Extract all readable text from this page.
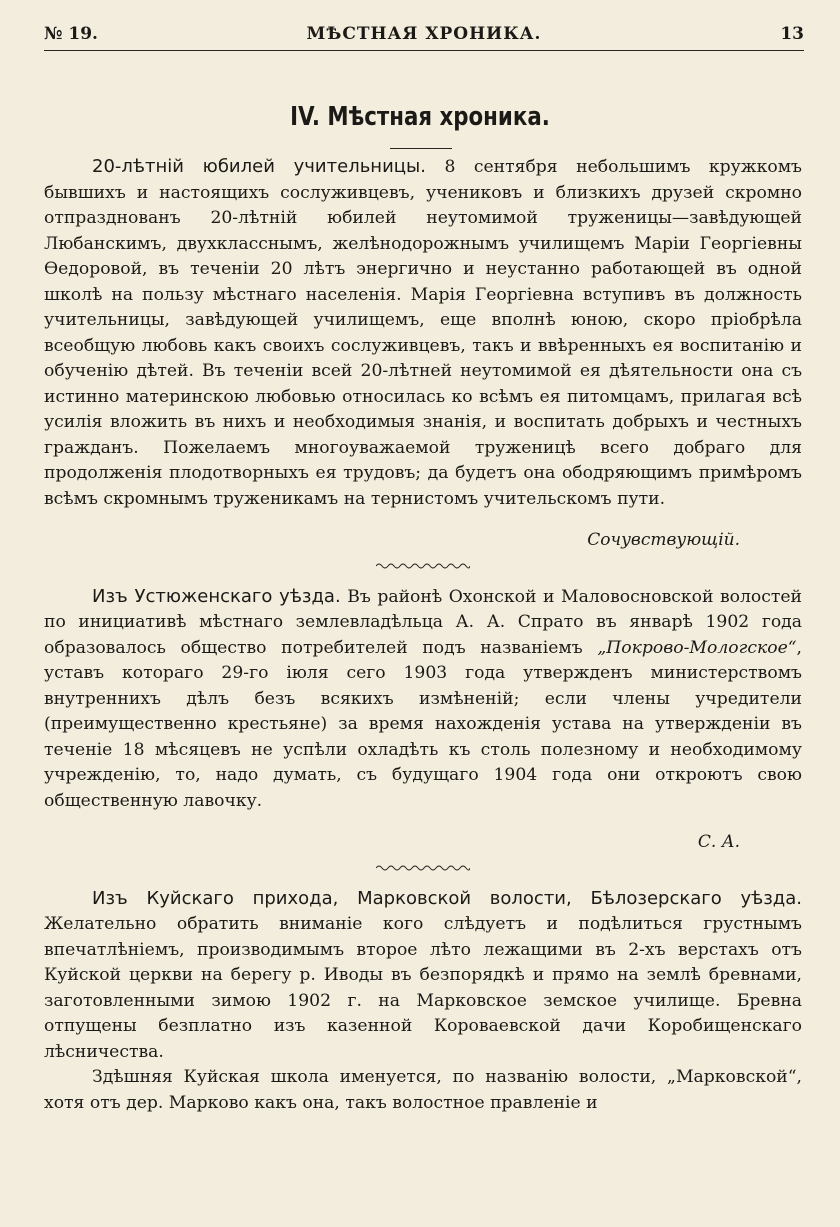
№ 19.	МѢСТНАЯ ХРОНИКА.	13
IV. Мѣстная хроника.

20-лѣтній юбилей учительницы. 8 сентября небольшимъ кружкомъ бывшихъ и настоящихъ сослуживцевъ, учениковъ и близкихъ друзей скромно отпразднованъ 20-лѣтній юбилей неутомимой труженицы—завѣдующей Любанскимъ, двухкласснымъ, желѣнодорожнымъ училищемъ Маріи Георгіевны Ѳедоровой, въ теченіи 20 лѣтъ энергично и неустанно работающей въ одной школѣ на пользу мѣстнаго населенія. Марія Георгіевна вступивъ въ должность учительницы, завѣдующей училищемъ, еще вполнѣ юною, скоро пріобрѣла всеобщую любовь какъ своихъ сослуживцевъ, такъ и ввѣренныхъ ея воспитанію и обученію дѣтей. Въ теченіи всей 20-лѣтней неутомимой ея дѣятельности она съ истинно материнскою любовью относилась ко всѣмъ ея питомцамъ, прилагая всѣ усилія вложить въ нихъ и необходимыя знанія, и воспитать добрыхъ и честныхъ гражданъ. Пожелаемъ многоуважаемой труженицѣ всего добраго для продолженія плодотворныхъ ея трудовъ; да будетъ она ободряющимъ примѣромъ всѣмъ скромнымъ труженикамъ на тернистомъ учительскомъ пути.

Сочувствующій.

Изъ Устюженскаго уѣзда. Въ районѣ Охонской и Маловосновской волостей по инициативѣ мѣстнаго землевладѣльца А. А. Спрато въ январѣ 1902 года образовалось общество потребителей подъ названіемъ „Покрово-Мологское“, уставъ котораго 29-го іюля сего 1903 года утвержденъ министерствомъ внутреннихъ дѣлъ безъ всякихъ измѣненій; если члены учредители (преимущественно крестьяне) за время нахожденія устава на утвержденіи въ теченіе 18 мѣсяцевъ не успѣли охладѣть къ столь полезному и необходимому учрежденію, то, надо думать, съ будущаго 1904 года они откроютъ свою общественную лавочку.

С. А.

Изъ Куйскаго прихода, Марковской волости, Бѣлозерскаго уѣзда. Желательно обратить вниманіе кого слѣдуетъ и подѣлиться грустнымъ впечатлѣніемъ, производимымъ второе лѣто лежащими въ 2-хъ верстахъ отъ Куйской церкви на берегу р. Иводы въ безпорядкѣ и прямо на землѣ бревнами, заготовленными зимою 1902 г. на Марковское земское училище. Бревна отпущены безплатно изъ казенной Короваевской дачи Коробищенскаго лѣсничества.

Здѣшняя Куйская школа именуется, по названію волости, „Марковской“, хотя отъ дер. Марково какъ она, такъ волостное правленіе и
